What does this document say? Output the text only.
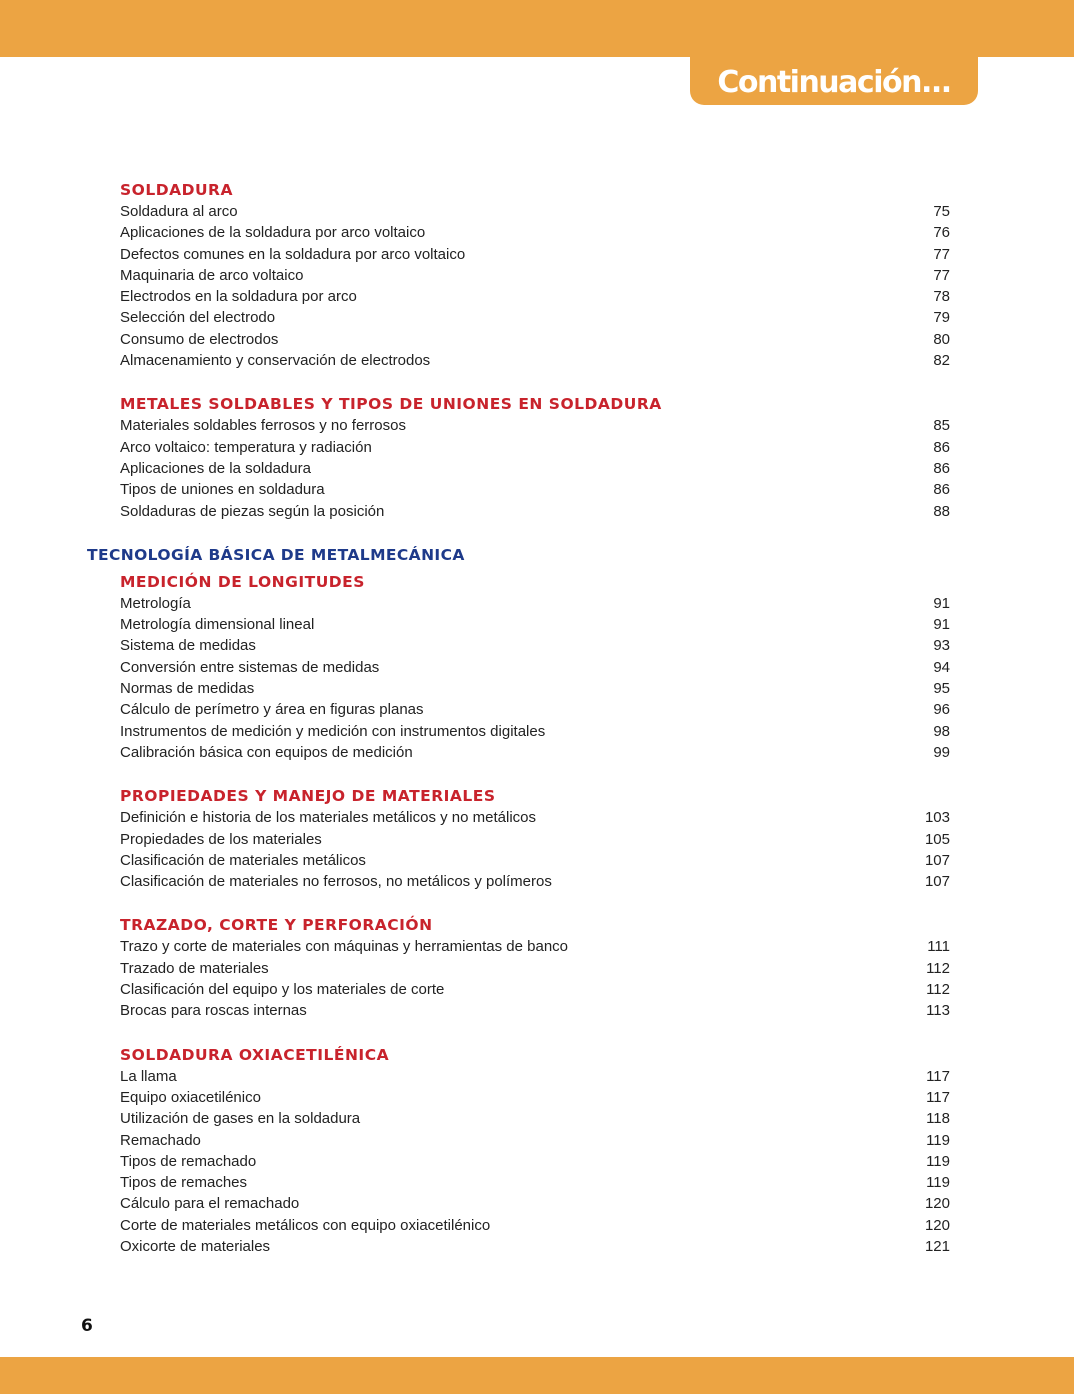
Continuación...
SOLDADURA
Soldadura al arco	75
Aplicaciones de la soldadura por arco voltaico	76
Defectos comunes en la soldadura por arco voltaico	77
Maquinaria de arco voltaico	77
Electrodos en la soldadura por arco	78
Selección del electrodo	79
Consumo de electrodos	80
Almacenamiento y conservación de electrodos	82
METALES SOLDABLES Y TIPOS DE UNIONES EN SOLDADURA
Materiales soldables ferrosos y no ferrosos	85
Arco voltaico: temperatura y radiación	86
Aplicaciones de la soldadura	86
Tipos de uniones en soldadura	86
Soldaduras de piezas según la posición	88
TECNOLOGÍA BÁSICA DE METALMECÁNICA
MEDICIÓN DE LONGITUDES
Metrología	91
Metrología dimensional lineal	91
Sistema de medidas	93
Conversión entre sistemas de medidas	94
Normas de medidas	95
Cálculo de perímetro y área en figuras planas	96
Instrumentos de medición y medición con instrumentos digitales	98
Calibración básica con equipos de medición	99
PROPIEDADES Y MANEJO DE MATERIALES
Definición e historia de los materiales metálicos y no metálicos	103
Propiedades de los materiales	105
Clasificación de materiales metálicos	107
Clasificación de materiales no ferrosos, no metálicos y polímeros	107
TRAZADO, CORTE Y PERFORACIÓN
Trazo y corte de materiales con máquinas y herramientas de banco	111
Trazado de materiales	112
Clasificación del equipo y los materiales de corte	112
Brocas para roscas internas	113
SOLDADURA OXIACETILÉNICA
La llama	117
Equipo oxiacetilénico	117
Utilización de gases en la soldadura	118
Remachado	119
Tipos de remachado	119
Tipos de remaches	119
Cálculo para el remachado	120
Corte de materiales metálicos con equipo oxiacetilénico	120
Oxicorte de materiales	121
6
